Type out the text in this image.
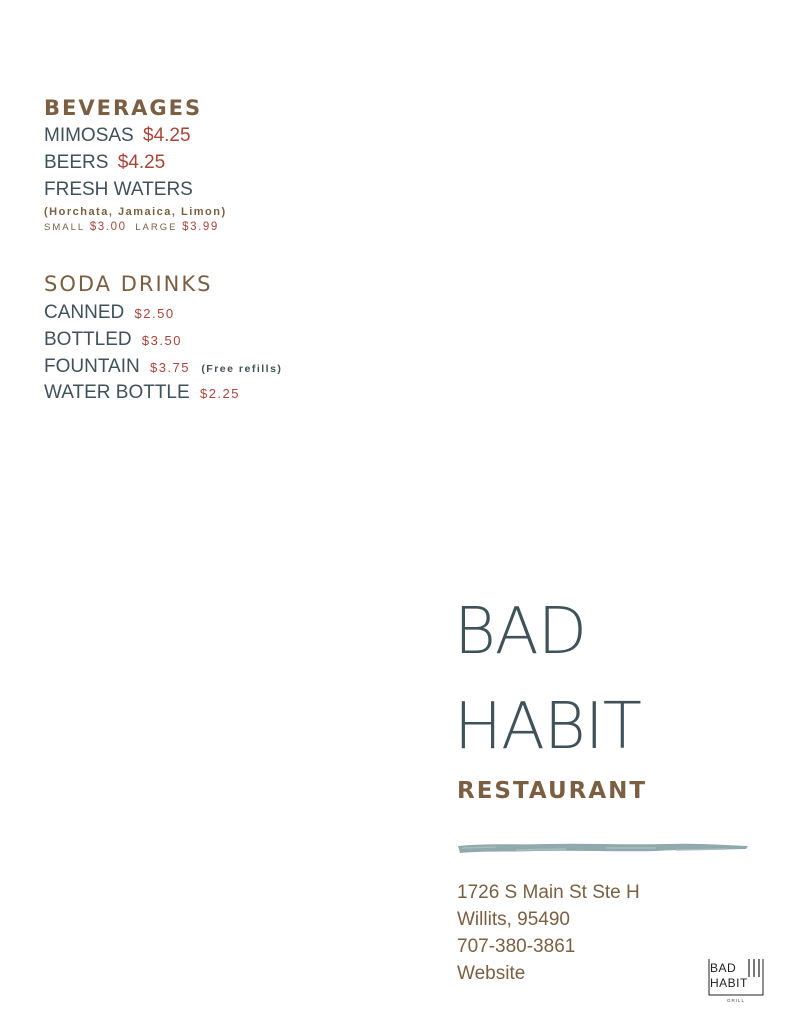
BEVERAGES
MIMOSAS $4.25
BEERS $4.25
FRESH WATERS
(Horchata, Jamaica, Limon)
SMALL $3.00 LARGE $3.99
SODA DRINKS
CANNED $2.50
BOTTLED $3.50
FOUNTAIN $3.75 (Free refills)
WATER BOTTLE $2.25
BAD
HABIT
RESTAURANT
1726 S Main St Ste H
Willits, 95490
707-380-3861
Website	BAD
HABIT
GRILL
